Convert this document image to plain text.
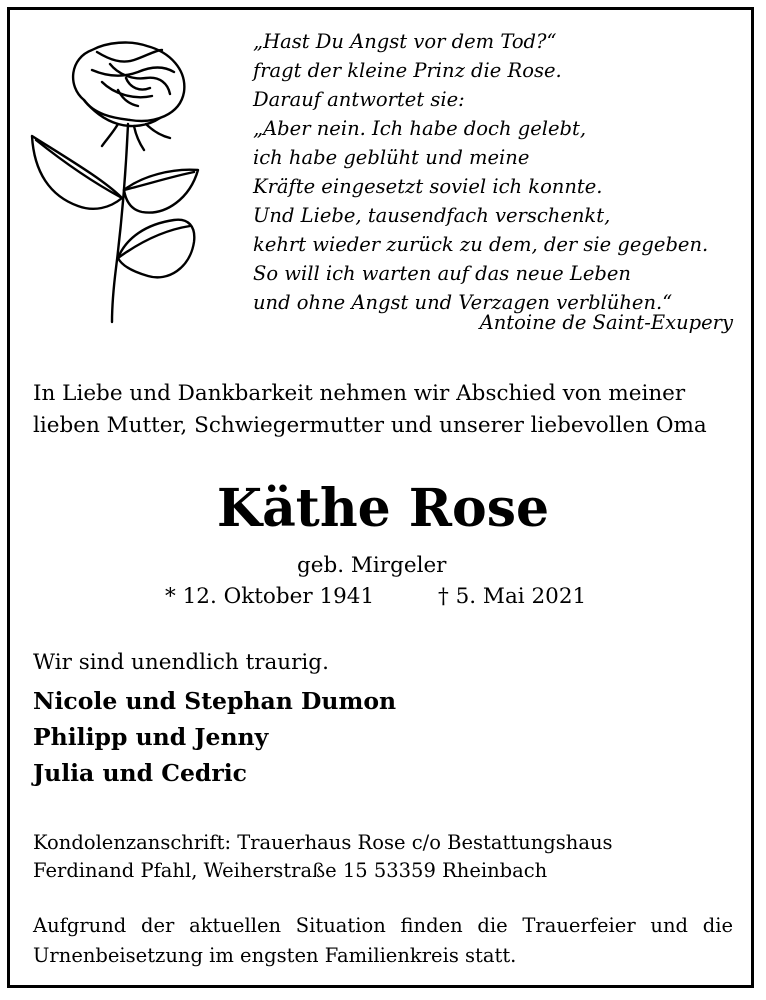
„Hast Du Angst vor dem Tod?“
fragt der kleine Prinz die Rose.
Darauf antwortet sie:
„Aber nein. Ich habe doch gelebt,
ich habe geblüht und meine
Kräfte eingesetzt soviel ich konnte.
Und Liebe, tausendfach verschenkt,
kehrt wieder zurück zu dem, der sie gegeben.
So will ich warten auf das neue Leben
und ohne Angst und Verzagen verblühen.“
Antoine de Saint-Exupery
In Liebe und Dankbarkeit nehmen wir Abschied von meiner
lieben Mutter, Schwiegermutter und unserer liebevollen Oma
Käthe Rose
geb. Mirgeler
* 12. Oktober 1941	† 5. Mai 2021
Wir sind unendlich traurig.
Nicole und Stephan Dumon
Philipp und Jenny
Julia und Cedric
Kondolenzanschrift: Trauerhaus Rose c/o Bestattungshaus
Ferdinand Pfahl, Weiherstraße 15 53359 Rheinbach
Aufgrund der aktuellen Situation finden die Trauerfeier und die
Urnenbeisetzung im engsten Familienkreis statt.
